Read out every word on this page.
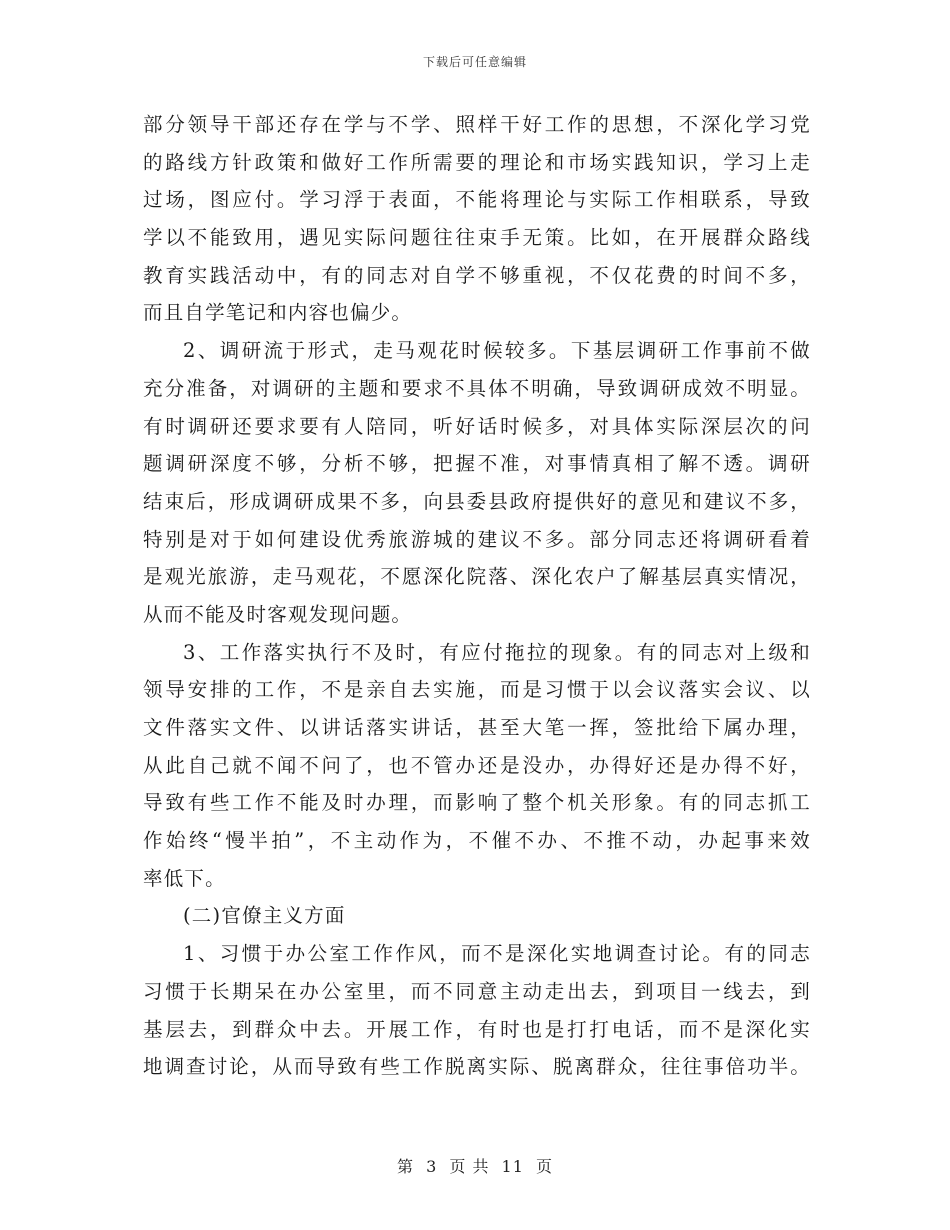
下载后可任意编辑
部分领导干部还存在学与不学、照样干好工作的思想，不深化学习党
的路线方针政策和做好工作所需要的理论和市场实践知识，学习上走
过场，图应付。学习浮于表面，不能将理论与实际工作相联系，导致
学以不能致用，遇见实际问题往往束手无策。比如，在开展群众路线
教育实践活动中，有的同志对自学不够重视，不仅花费的时间不多，
而且自学笔记和内容也偏少。
2、调研流于形式，走马观花时候较多。下基层调研工作事前不做
充分准备，对调研的主题和要求不具体不明确，导致调研成效不明显。
有时调研还要求要有人陪同，听好话时候多，对具体实际深层次的问
题调研深度不够，分析不够，把握不准，对事情真相了解不透。调研
结束后，形成调研成果不多，向县委县政府提供好的意见和建议不多，
特别是对于如何建设优秀旅游城的建议不多。部分同志还将调研看着
是观光旅游，走马观花，不愿深化院落、深化农户了解基层真实情况，
从而不能及时客观发现问题。
3、工作落实执行不及时，有应付拖拉的现象。有的同志对上级和
领导安排的工作，不是亲自去实施，而是习惯于以会议落实会议、以
文件落实文件、以讲话落实讲话，甚至大笔一挥，签批给下属办理，
从此自己就不闻不问了，也不管办还是没办，办得好还是办得不好，
导致有些工作不能及时办理，而影响了整个机关形象。有的同志抓工
作始终“慢半拍”，不主动作为，不催不办、不推不动，办起事来效
率低下。
(二)官僚主义方面
1、习惯于办公室工作作风，而不是深化实地调查讨论。有的同志
习惯于长期呆在办公室里，而不同意主动走出去，到项目一线去，到
基层去，到群众中去。开展工作，有时也是打打电话，而不是深化实
地调查讨论，从而导致有些工作脱离实际、脱离群众，往往事倍功半。
第 3 页 共 11 页
